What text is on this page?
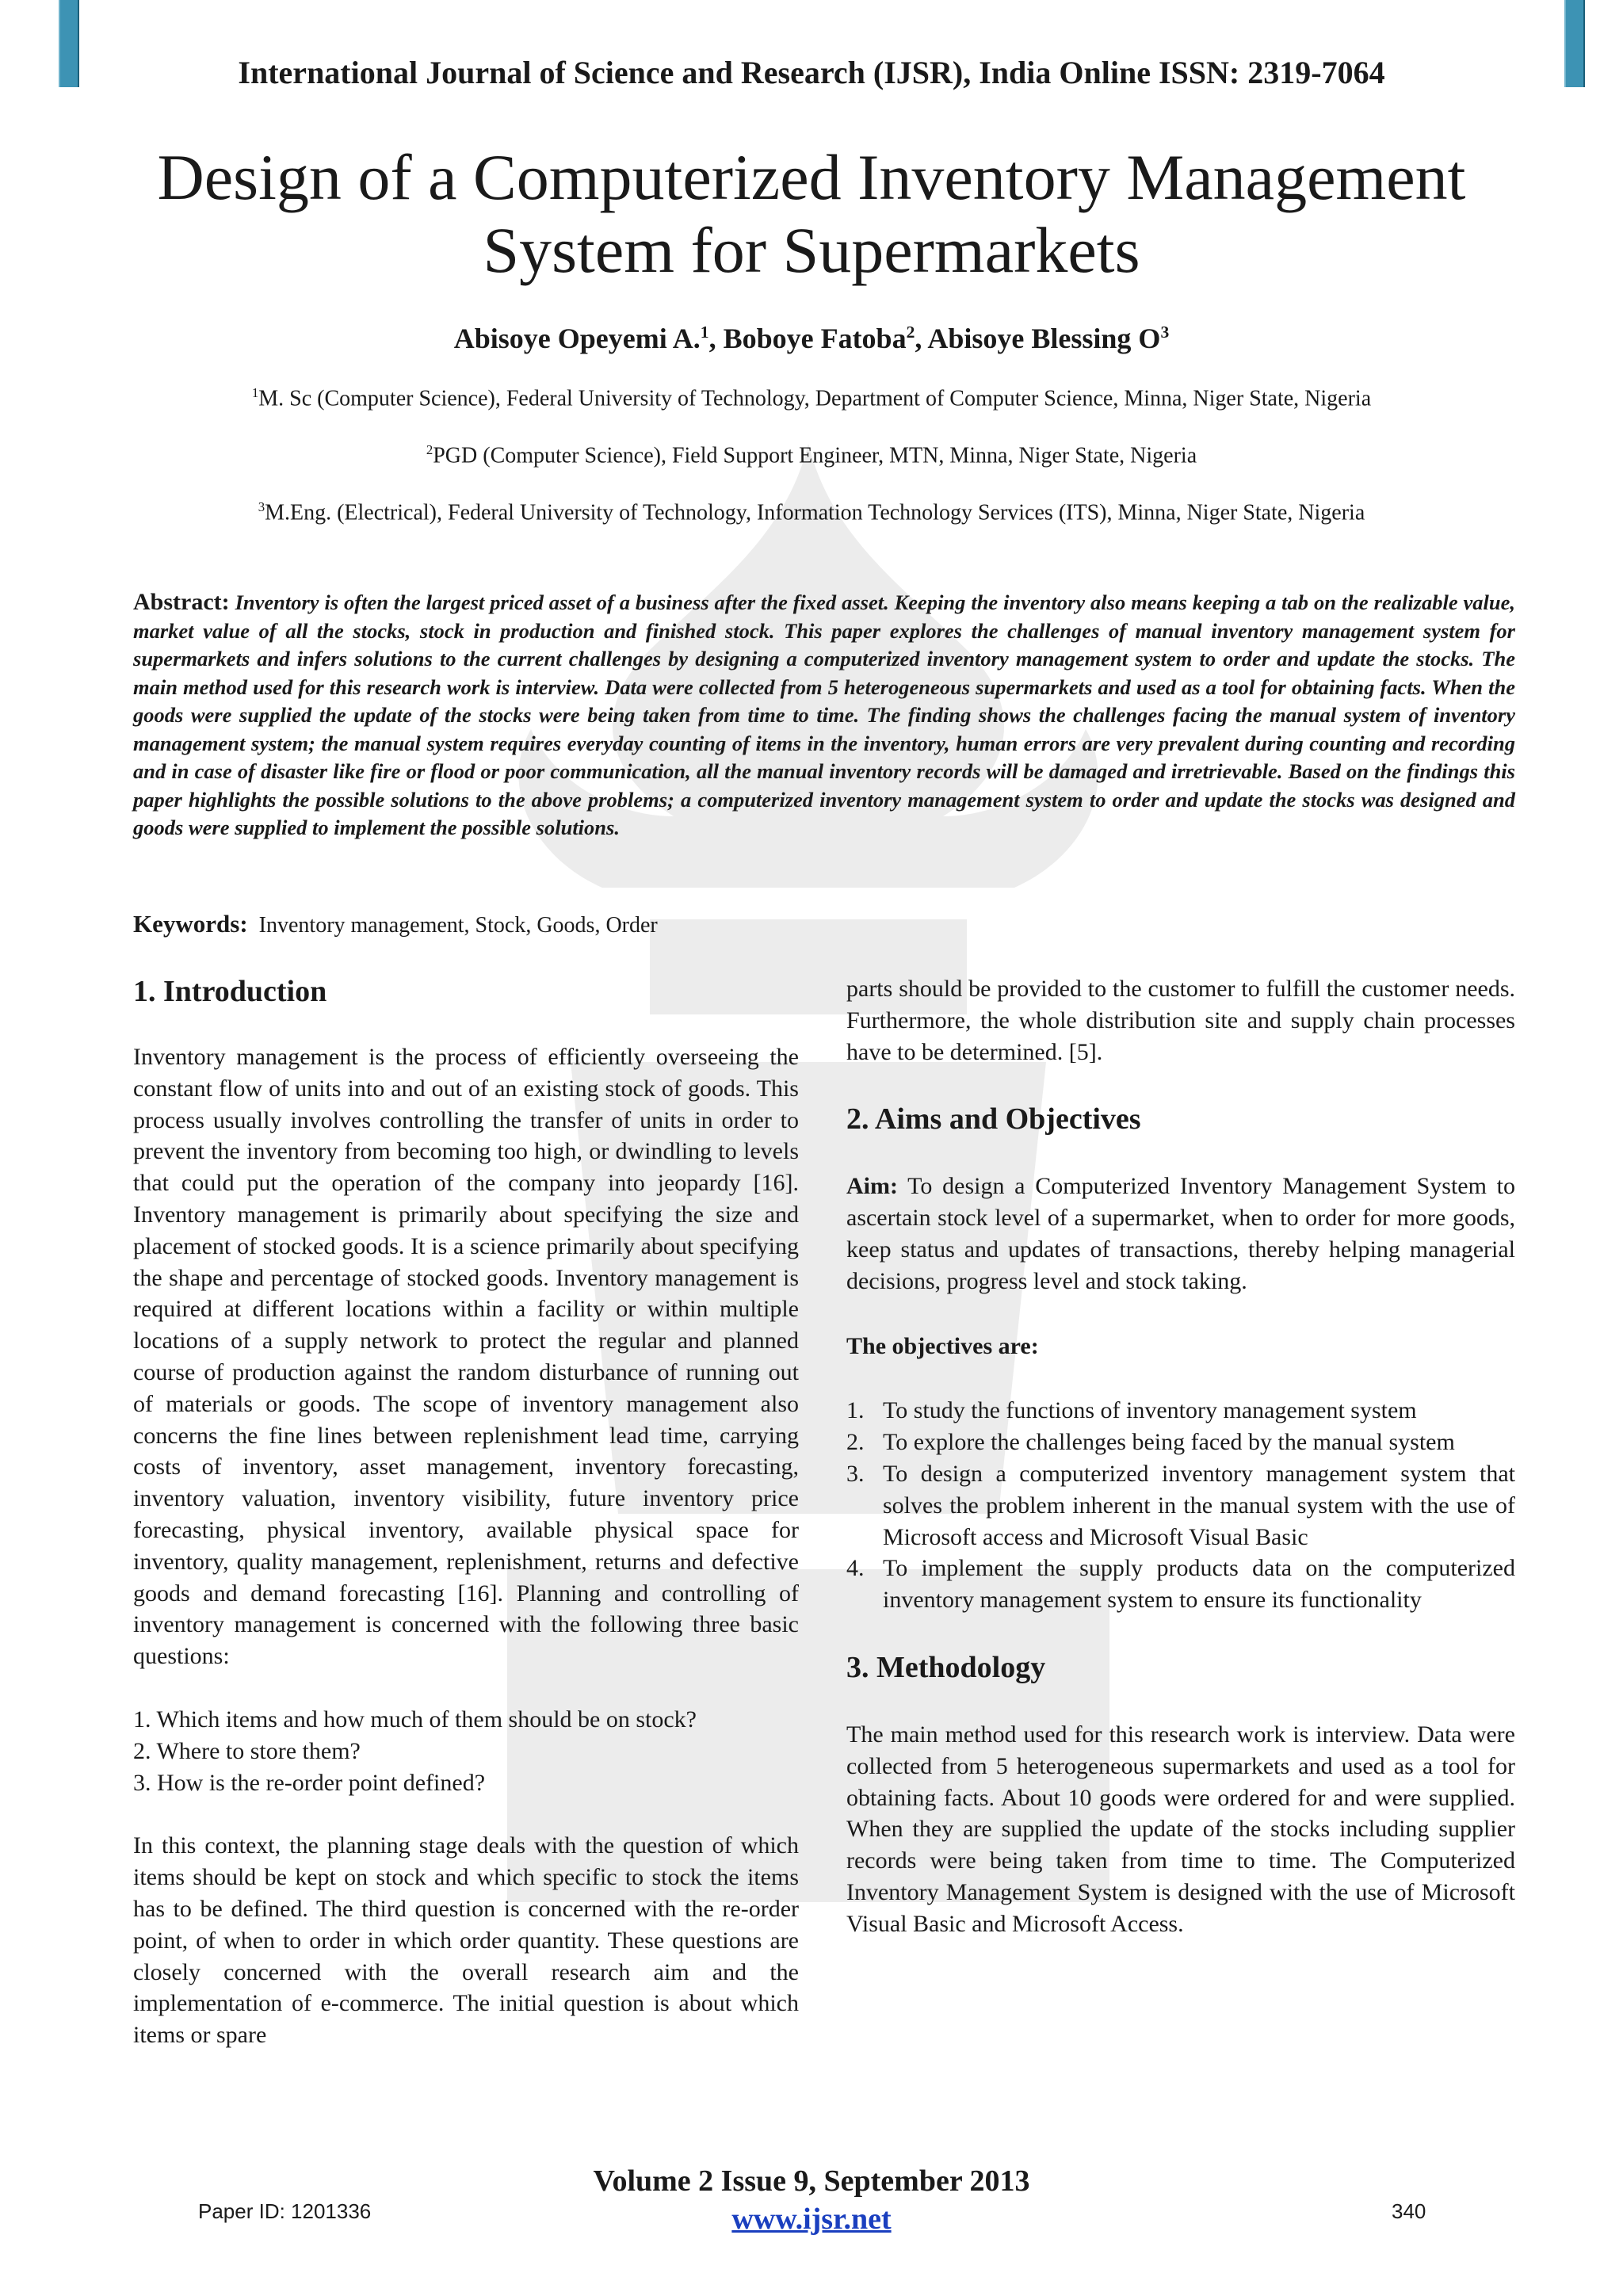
International Journal of Science and Research (IJSR), India Online ISSN: 2319-7064
Design of a Computerized Inventory Management
System for Supermarkets
Abisoye Opeyemi A.$^1$, Boboye Fatoba$^2$, Abisoye Blessing $O^3$
$^1$M. Sc (Computer Science), Federal University of Technology, Department of Computer Science, Minna, Niger State, Nigeria
$^2$PGD (Computer Science), Field Support Engineer, MTN, Minna, Niger State, Nigeria
$^3$M.Eng. (Electrical), Federal University of Technology, Information Technology Services (ITS), Minna, Niger State, Nigeria
Abstract: Inventory is often the largest priced asset of a business after the fixed asset. Keeping the inventory also means keeping a tab on the realizable value, market value of all the stocks, stock in production and finished stock. This paper explores the challenges of manual inventory management system for supermarkets and infers solutions to the current challenges by designing a computerized inventory management system to order and update the stocks. The main method used for this research work is interview. Data were collected from 5 heterogeneous supermarkets and used as a tool for obtaining facts. When the goods were supplied the update of the stocks were being taken from time to time. The finding shows the challenges facing the manual system of inventory management system; the manual system requires everyday counting of items in the inventory, human errors are very prevalent during counting and recording and in case of disaster like fire or flood or poor communication, all the manual inventory records will be damaged and irretrievable. Based on the findings this paper highlights the possible solutions to the above problems; a computerized inventory management system to order and update the stocks was designed and goods were supplied to implement the possible solutions.
Keywords: Inventory management, Stock, Goods, Order
1. Introduction

Inventory management is the process of efficiently overseeing the constant flow of units into and out of an existing stock of goods. This process usually involves controlling the transfer of units in order to prevent the inventory from becoming too high, or dwindling to levels that could put the operation of the company into jeopardy [16]. Inventory management is primarily about specifying the size and placement of stocked goods. It is a science primarily about specifying the shape and percentage of stocked goods. Inventory management is required at different locations within a facility or within multiple locations of a supply network to protect the regular and planned course of production against the random disturbance of running out of materials or goods. The scope of inventory management also concerns the fine lines between replenishment lead time, carrying costs of inventory, asset management, inventory forecasting, inventory valuation, inventory visibility, future inventory price forecasting, physical inventory, available physical space for inventory, quality management, replenishment, returns and defective goods and demand forecasting [16]. Planning and controlling of inventory management is concerned with the following three basic questions:

1. Which items and how much of them should be on stock?

2. Where to store them?

3. How is the re-order point defined?

In this context, the planning stage deals with the question of which items should be kept on stock and which specific to stock the items has to be defined. The third question is concerned with the re-order point, of when to order in which order quantity. These questions are closely concerned with the overall research aim and the implementation of e-commerce. The initial question is about which items or spare

parts should be provided to the customer to fulfill the customer needs. Furthermore, the whole distribution site and supply chain processes have to be determined. [5].

2. Aims and Objectives

Aim: To design a Computerized Inventory Management System to ascertain stock level of a supermarket, when to order for more goods, keep status and updates of transactions, thereby helping managerial decisions, progress level and stock taking.

The objectives are:

1. To study the functions of inventory management system
2. To explore the challenges being faced by the manual system
3. To design a computerized inventory management system that solves the problem inherent in the manual system with the use of Microsoft access and Microsoft Visual Basic
4. To implement the supply products data on the computerized inventory management system to ensure its functionality
3. Methodology

The main method used for this research work is interview. Data were collected from 5 heterogeneous supermarkets and used as a tool for obtaining facts. About 10 goods were ordered for and were supplied. When they are supplied the update of the stocks including supplier records were being taken from time to time. The Computerized Inventory Management System is designed with the use of Microsoft Visual Basic and Microsoft Access.

Volume 2 Issue 9, September 2013
www.ijsr.net
Paper ID: 1201336	340
